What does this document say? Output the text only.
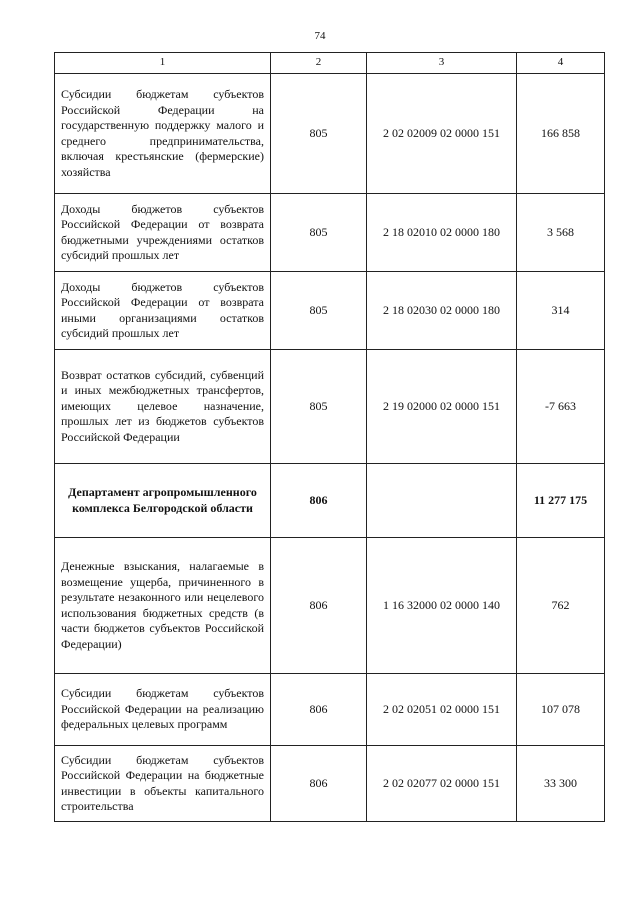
74
1	2	3	4
Субсидии бюджетам субъектов Российской Федерации на государственную поддержку малого и среднего предпринимательства, включая крестьянские (фермерские) хозяйства	805	2 02 02009 02 0000 151	166 858
Доходы бюджетов субъектов Российской Федерации от возврата бюджетными учреждениями остатков субсидий прошлых лет	805	2 18 02010 02 0000 180	3 568
Доходы бюджетов субъектов Российской Федерации от возврата иными организациями остатков субсидий прошлых лет	805	2 18 02030 02 0000 180	314
Возврат остатков субсидий, субвенций и иных межбюджетных трансфертов, имеющих целевое назначение, прошлых лет из бюджетов субъектов Российской Федерации	805	2 19 02000 02 0000 151	-7 663
Департамент агропромышленного комплекса Белгородской области	806		11 277 175
Денежные взыскания, налагаемые в возмещение ущерба, причиненного в результате незаконного или нецелевого использования бюджетных средств (в части бюджетов субъектов Российской Федерации)	806	1 16 32000 02 0000 140	762
Субсидии бюджетам субъектов Российской Федерации на реализацию федеральных целевых программ	806	2 02 02051 02 0000 151	107 078
Субсидии бюджетам субъектов Российской Федерации на бюджетные инвестиции в объекты капитального строительства	806	2 02 02077 02 0000 151	33 300
